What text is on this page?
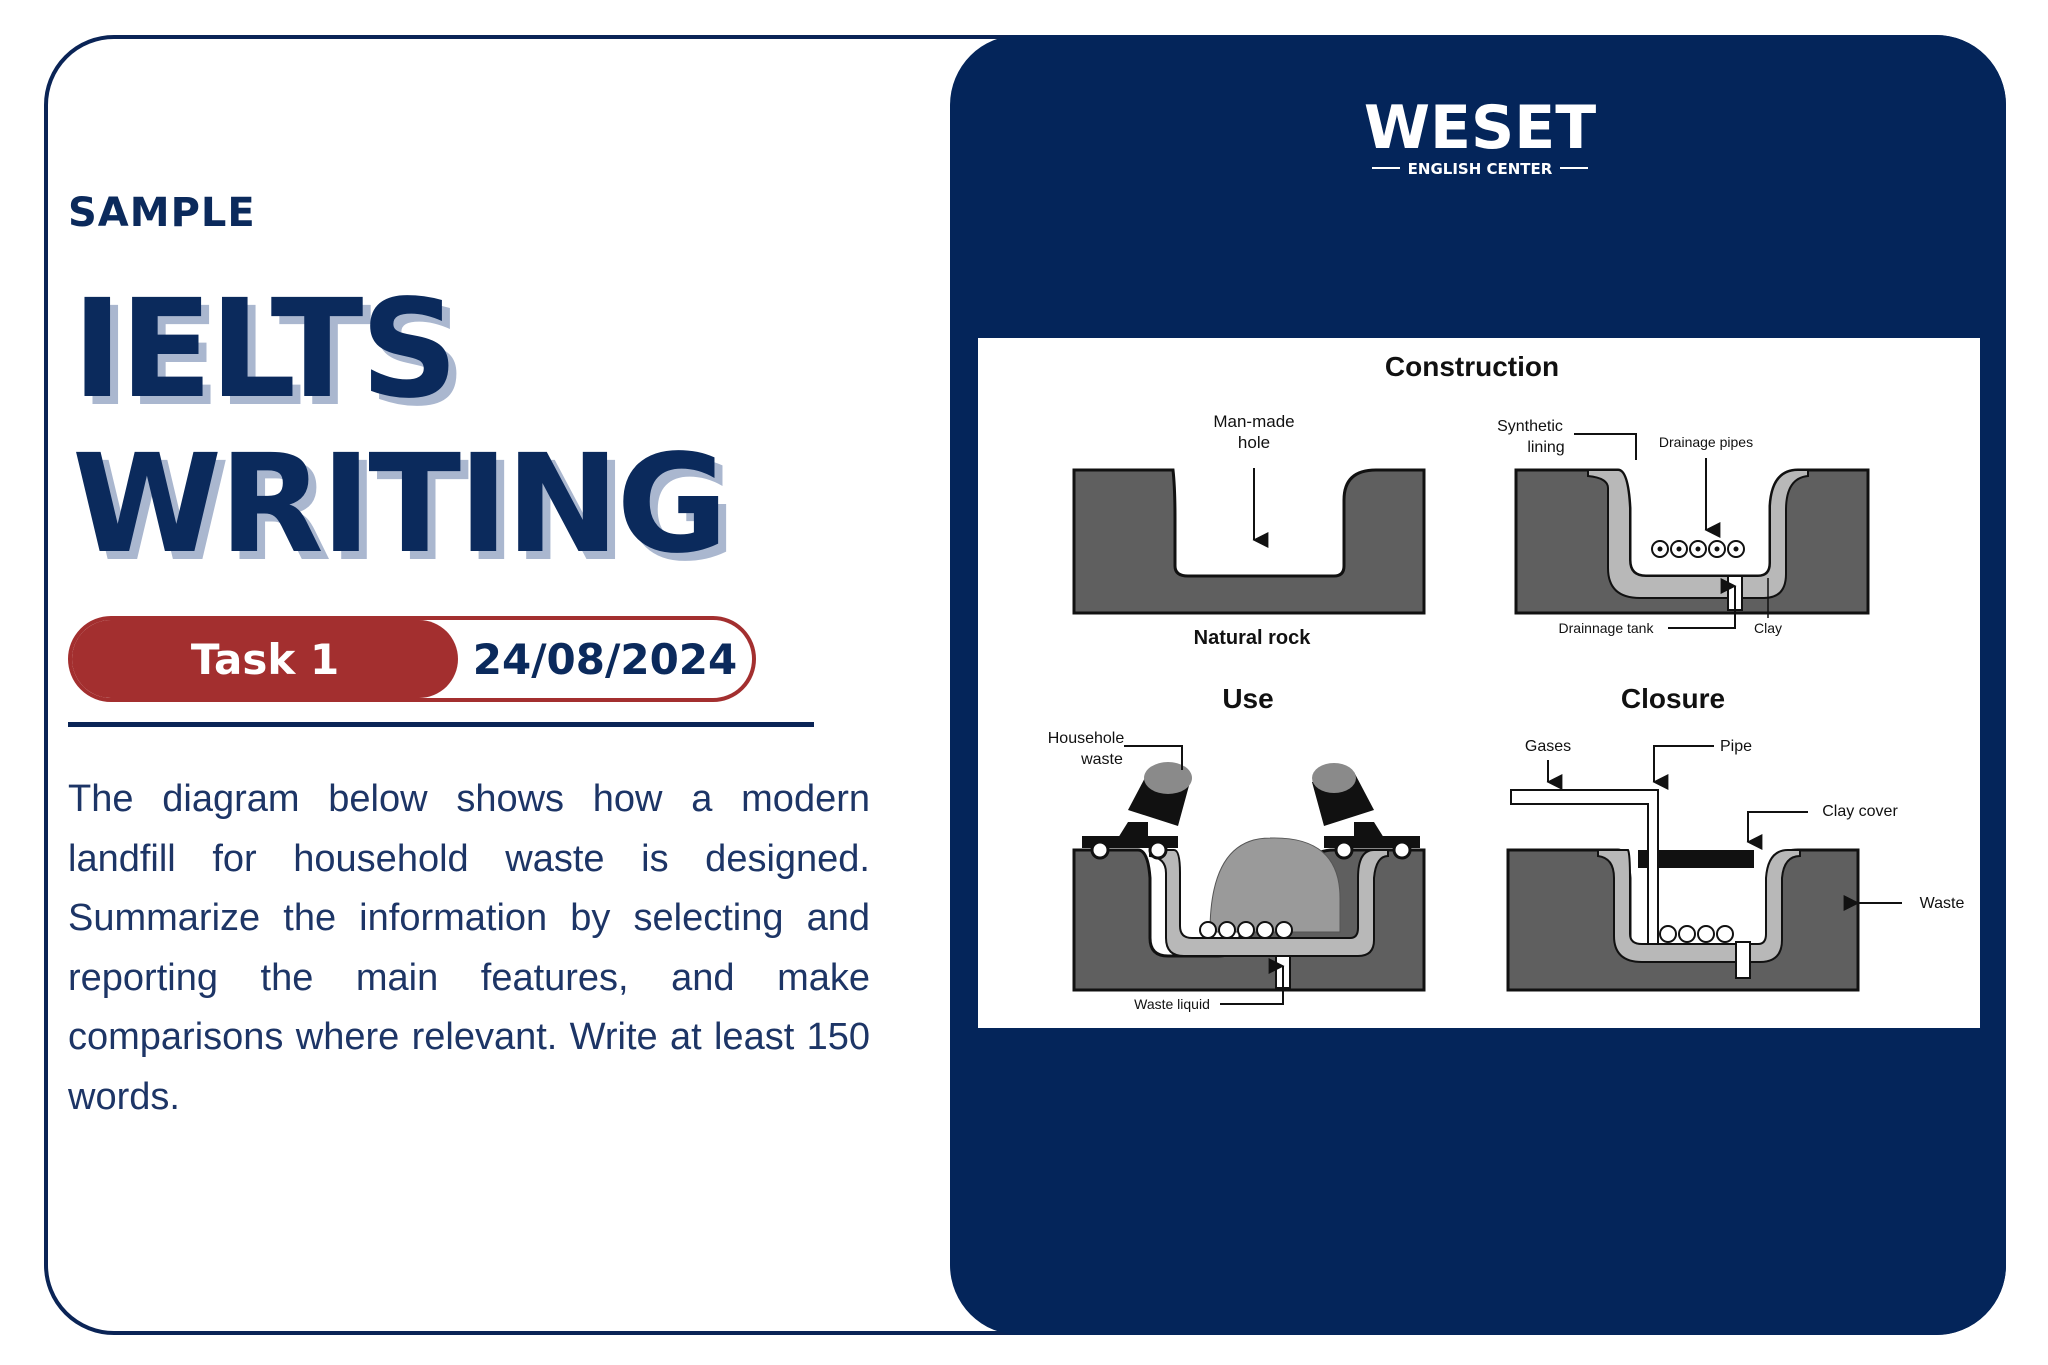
WESET
ENGLISH CENTER
SAMPLE
IELTS
WRITING
Task 1	24/08/2024
The diagram below shows how a modern landfill for household waste is designed. Summarize the information by selecting and reporting the main features, and make comparisons where relevant. Write at least 150 words.
Construction
Use	Closure
Man-made
hole
Natural rock
Synthetic
lining	Drainage pipes
Drainnage tank	Clay
Householе
waste
Waste liquid
Gases	Pipe
Clay cover
Waste
